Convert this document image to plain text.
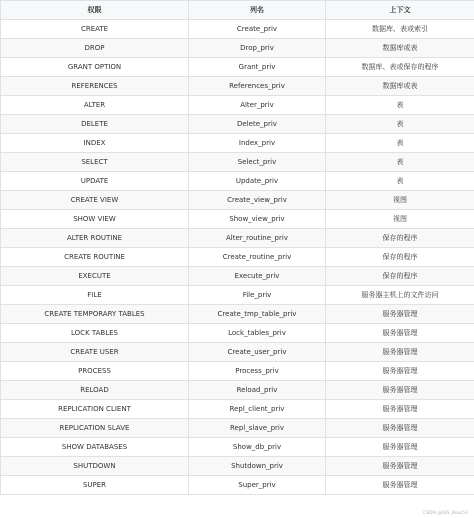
权限	列名	上下文
CREATE	Create_priv	数据库、表或索引
DROP	Drop_priv	数据库或表
GRANT OPTION	Grant_priv	数据库、表或保存的程序
REFERENCES	References_priv	数据库或表
ALTER	Alter_priv	表
DELETE	Delete_priv	表
INDEX	Index_priv	表
SELECT	Select_priv	表
UPDATE	Update_priv	表
CREATE VIEW	Create_view_priv	视图
SHOW VIEW	Show_view_priv	视图
ALTER ROUTINE	Alter_routine_priv	保存的程序
CREATE ROUTINE	Create_routine_priv	保存的程序
EXECUTE	Execute_priv	保存的程序
FILE	File_priv	服务器主机上的文件访问
CREATE TEMPORARY TABLES	Create_tmp_table_priv	服务器管理
LOCK TABLES	Lock_tables_priv	服务器管理
CREATE USER	Create_user_priv	服务器管理
PROCESS	Process_priv	服务器管理
RELOAD	Reload_priv	服务器管理
REPLICATION CLIENT	Repl_client_priv	服务器管理
REPLICATION SLAVE	Repl_slave_priv	服务器管理
SHOW DATABASES	Show_db_priv	服务器管理
SHUTDOWN	Shutdown_priv	服务器管理
SUPER	Super_priv	服务器管理
CSDN @GIS_Boss53
